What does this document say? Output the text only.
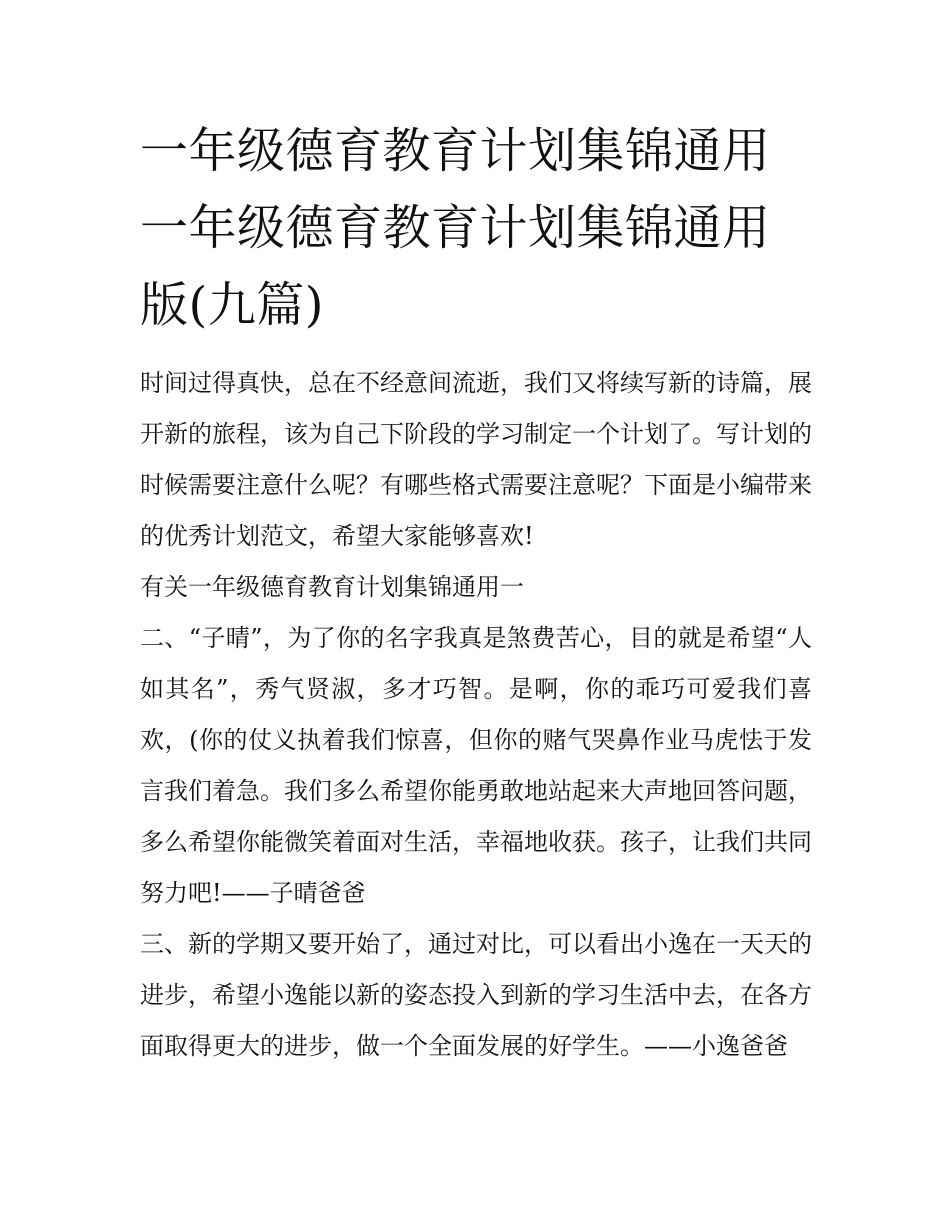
一年级德育教育计划集锦通用一年级德育教育计划集锦通用版(九篇)

时间过得真快，总在不经意间流逝，我们又将续写新的诗篇，展开新的旅程，该为自己下阶段的学习制定一个计划了。写计划的时候需要注意什么呢？有哪些格式需要注意呢？下面是小编带来的优秀计划范文，希望大家能够喜欢!

有关一年级德育教育计划集锦通用一

二、“子晴”，为了你的名字我真是煞费苦心，目的就是希望“人如其名”，秀气贤淑，多才巧智。是啊，你的乖巧可爱我们喜欢，(你的仗义执着我们惊喜，但你的赌气哭鼻作业马虎怯于发言我们着急。我们多么希望你能勇敢地站起来大声地回答问题，多么希望你能微笑着面对生活，幸福地收获。孩子，让我们共同努力吧!——子晴爸爸

三、新的学期又要开始了，通过对比，可以看出小逸在一天天的进步，希望小逸能以新的姿态投入到新的学习生活中去，在各方面取得更大的进步，做一个全面发展的好学生。——小逸爸爸
